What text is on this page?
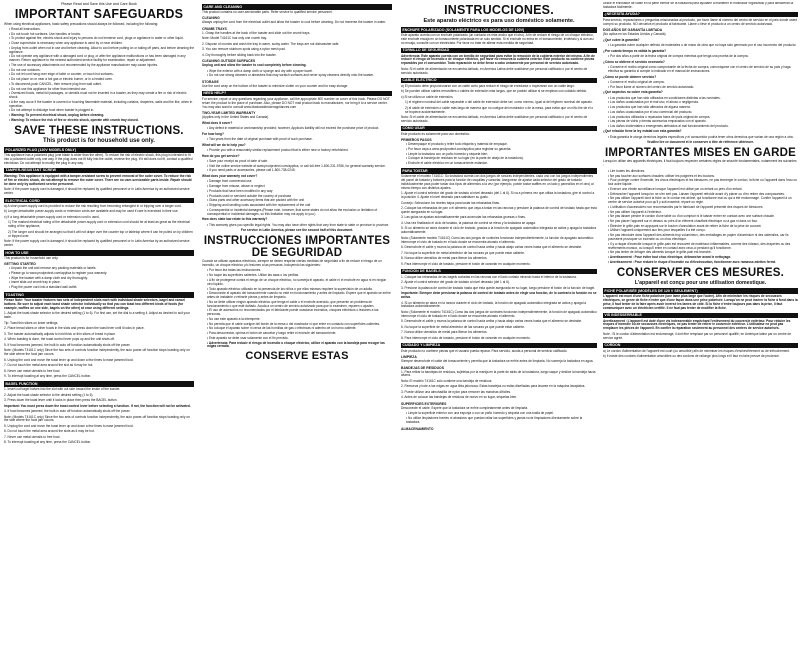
Please Read and Save this Use and Care Book
IMPORTANT SAFEGUARDS

When using electrical appliances, basic safety precautions should always be followed, including the following:

• Read all instructions.
• Do not touch hot surfaces. Use handles or knobs.
• To protect against fire, electric shock and injury to persons do not immerse cord, plugs or appliance in water or other liquid.
• Close supervision is necessary when any appliance is used by or near children.
• Unplug from outlet when not in use and before cleaning. Allow to cool before putting on or taking off parts, and before cleaning the appliance.
• Do not operate any appliance with a damaged cord or plug, or after the appliance malfunctions or has been damaged in any manner. Return appliance to the nearest authorized service facility for examination, repair or adjustment.
• The use of accessory attachments not recommended by the appliance manufacturer may cause injuries.
• Do not use outdoors.
• Do not let cord hang over edge of table or counter, or touch hot surfaces.
• Do not place on or near a hot gas or electric burner, or in a heated oven.
• To disconnect,push CANCEL, then remove plug from wall outlet.
• Do not use this appliance for other than intended use.
• Oversized foods, metal foil packages, or utensils must not be inserted in a toaster, as they may create a fire or risk of electric shock.
• A fire may occur if the toaster is covered or touching flammable material, including curtains, draperies, walls and the like, when in operation.
• Do not attempt to dislodge food when toaster is plugged in.
• Warning: To prevent electrical shock, unplug before cleaning.
• Warning: To reduce the risk of fire or electric shock, operate with crumb tray closed.
SAVE THESE INSTRUCTIONS.
This product is for household use only.
POLARIZED PLUG (120V MODELS ONLY)

This appliance has a polarized plug (one blade is wider than the other). To reduce the risk of electric shock, this plug is intended to fit into a polarized outlet only one way. If the plug does not fit fully into the outlet, reverse the plug. If it still does not fit, contact a qualified electrician. Do not attempt to modify the plug in any way.

TAMPER-RESISTANT SCREW

Warning: This appliance is equipped with a tamper-resistant screw to prevent removal of the outer cover. To reduce the risk of fire or electric shock, do not attempt to remove the outer cover. There are no user-serviceable parts inside. Repair should be done only by authorized service personnel.

Note: If the power supply cord is damaged, it should be replaced by qualified personnel or in Latin America by an authorized service center.

ELECTRICAL CORD

a) A short power-supply cord is provided to reduce the risk resulting from becoming entangled in or tripping over a longer cord.

b) Longer detachable power-supply cords or extension cords are available and may be used if care is exercised in their use.

c) If a long detachable power-supply cord or extension cord is used,

1) The marked electrical rating of the detachable power-supply cord or extension cord should be at least as great as the electrical rating of the appliance,

2) The longer cord should be arranged so that it will not drape over the counter top or tabletop where it can be pulled on by children or tripped over.

Note: If the power supply cord is damaged, it should be replaced by qualified personnel or in Latin America by an authorized service center.

HOW TO USE

This product is for household use only.

GETTING STARTED
• Unpack the unit and remove any packing materials or labels.
• Please go to www.prodprotect.com/applica to register your warranty.
• Wipe the toaster with a damp cloth and dry thoroughly.
• Insert slide-out crumb tray in place.
• Plug the power cord into a standard wall outlet.
TOASTING

Please Note: Your toaster features two sets of independent slots each with individual shade selectors, bagel and cancel buttons. Be sure to adjust each toast shade selector individually so that you can toast two different kinds of foods (for example, waffles on one side, bagels on the other) at once using different settings.

1. Adjust the toast shade selector to the desired setting (1 to 6). For first use, set the dial to a setting 4. Adjust as desired to suit your taste.

Tip: Toast thin slices on lower settings.

2. Place bread slices or other foods in the slots and press down the toast lever until it locks in place.

3. The toaster automatically adjusts to hold thick or thin slices of bread in place.

4. When toasting is done, the toast control lever pops up and the unit shuts off.

5. If food becomes jammed, the built-in auto off function automatically shuts off the power.

Note: (Models T4161C only) Since the two sets of controls function independently, the auto power-off function stops toasting only on the side where the food jam occurs.

6. Unplug the cord and move the toast lever up and down a few times to ease jammed food.

7. Do not touch the metal area around the slot as it may be hot.

8. Never use metal utensils to free food.

9. To interrupt toasting at any time, press the CANCEL button.

BAGEL FUNCTION

1. Insert cut bagel halves into the slot with cut side toward the inside of the toaster.

2. Adjust the toast shade selector to the desired setting (1 to 6).

3. Press down the toast lever until it locks in place then press the BAGEL button.

Important: You must press down the toast control lever before selecting a function. If not, the function will not be activated.

4. If food becomes jammed, the built-in auto off function automatically shuts off the power.

Note: (Models T4161C only) Since the two sets of controls function independently, the auto power-off function stops toasting only on the side where the food jam occurs.

5. Unplug the cord and move the toast lever up and down a few times to ease jammed food.

6. Do not touch the metal area around the slots as it may be hot.

7. Never use metal utensils to free food.

8. To interrupt toasting at any time, press the CANCEL button.

CARE AND CLEANING

This product contains no user-serviceable parts. Refer service to qualified service personnel.

CLEANING

Always unplug the cord from the electrical outlet and allow the toaster to cool before cleaning. Do not immerse the toaster in water.

CRUMB TRAYS

1. Grasp the handles at the back of the toaster and slide out the crumb trays.

Note: Model T4161C has only one crumb tray.

2. Dispose of crumbs and wash the tray in warm, sudsy water. The trays are not dishwasher safe.

3. You can remove stubborn spots using a nylon mesh pad.

4. Dry thoroughly before sliding back into the toaster.

CLEANING OUTSIDE SURFACES

Unplug unit and allow the toaster to cool completely before cleaning.

• Wipe the exterior with a damp cloth or sponge and dry with a paper towel.
• Do not use strong cleaners or abrasives that may scratch surfaces and never spray cleaners directly onto the toaster.
STORAGE

Use the cord wrap on the bottom of the toaster to minimize clutter on your counter and for easy storage.

NEED HELP?

For service, repair or any questions regarding your appliance, call the appropriate 800 number on cover of this book. Please DO NOT return the product to the place of purchase. Also, please DO NOT mail product back to manufacturer, nor bring it to a service center. You may also want to consult www.blackanddeckerappliances.com

TWO-YEAR LIMITED WARRANTY

(Applies only in the United States and Canada)

What does it cover?

• Any defect in material or workmanship provided; however, Applica's liability will not exceed the purchase price of product.

For how long?

• Two years from the date of original purchase with proof of such purchase.

What will we do to help you?

• Provide you with a reasonably similar replacement product that is either new or factory refurbished.

How do you get service?

• Save your receipt as proof of date of sale.
• Visit the online service website at www.prodprotect.com/applica, or call toll-free 1-800-231-9786, for general warranty service.
• If you need parts or accessories, please call 1-800-738-0245.

What does your warranty not cover?

• Damage from commercial use
• Damage from misuse, abuse or neglect
• Products that have been modified in any way
• Products used or serviced outside the country of purchase
• Glass parts and other accessory items that are packed with the unit
• Shipping and handling costs associated with the replacement of the unit
• Consequential or incidental damages (Please note, however, that some states do not allow the exclusion or limitation of consequential or incidental damages, so this limitation may not apply to you.)

How does state law relate to this warranty?

• This warranty gives you specific legal rights. You may also have other rights that vary from state to state or province to province.

For service in Latin America, please see the second half of this document.

INSTRUCCIONES IMPORTANTES DE SEGURIDAD

Cuando se utilizan aparatos eléctricos, siempre se deben respetar ciertas medidas de seguridad a fin de reducir el riesgo de un incendio, un choque eléctrico y/o lesiones a las personas, incluyendo las siguientes:

• Por favor lea todas las instrucciones.
• No toque las superficies calientes. Utilice las asas o los perillas.
• A fin de protegerse contra el riesgo de un choque eléctrico, no sumerja el aparato, el cable ni el enchufe en agua ni en ningún otro líquido.
• Todo aparato eléctrico utilizado en la presencia de los niños o por ellos mismos requiere la supervisión de un adulto.
• Desconecte el aparato del tomacorriente cuando no esté en funcionamiento y antes de limpiarlo. Espere que el aparato se enfríe antes de instalarle o retirarle piezas y antes de limpiarlo.
• No se debe utilizar ningún aparato eléctrico que tenga el cable o el enchufe averiado, que presente un problema de funcionamiento o que esté dañado. Acuda a un centro de servicio autorizado para que lo examinen, reparen o ajusten.
• El uso de accesorios no recomendados por el fabricante puede ocasionar incendios, choques eléctricos o lesiones a las personas.
• No use este aparato a la intemperie.
• No permita que el cable cuelgue del borde de la mesa o del mostrador ni que entre en contacto con superficies calientes.
• No coloque el aparato sobre ni cerca de las hornillas de gas o eléctricas ni adentro de un horno caliente.
• Para desconectar, oprima el botón de cancelar y luego retire el enchufe del tomacorriente.
• Este aparato se debe usar solamente con el fin previsto.
• Advertencia: Para reducir el riesgo de incendio o choque eléctrico, utilice el aparato con la bandeja para recoger las migas cerrada.
CONSERVE ESTAS
INSTRUCCIONES.
Este aparato eléctrico es para uso doméstico solamente.
ENCHUFE POLARIZADO (SOLAMENTE PARA LOS MODELOS DE 120V)

Este aparato cuenta con un enchufe polarizado (un contacto es más ancho que el otro). A fin de reducir el riesgo de un choque eléctrico, este enchufe encaja en un tomacorriente polarizada en un solo sentido. Si el enchufe no entra en el tomacorriente, inviértalo y si aun así no encaja, consulte con un electricista. Por favor no trate de alterar esta medida de seguridad.

TORNILLO DE SEGURIDAD

Advertencia: Este aparato cuenta con un tornillo de seguridad para evitar la remoción de la cubierta exterior del mismo. A fin de reducir el riesgo de incendio o de choque eléctrico, por favor no remueva la cubierta exterior. Este producto no contiene piezas reparables por el consumidor. Toda reparación se debe llevar a cabo únicamente por personal de servicio autorizado.

Nota: Si el cable de alimentación se encuentra dañado, en América Latina debe sustituirse por personal calificado o por el centro de servicio autorizado.

CABLE ELÉCTRICO

a) El producto debe proporcionarse con un cable corto para reducir el riesgo de enredarse o tropezarse con un cable largo.

b) Se pueden utilizar cables removibles o cables de extensión más largos, que se podrán utilizar si se emplean con cuidado debido.

c) Si se utiliza un cable de extensión,

1) el régimen nominal del cable separable o del cable de extensión debe ser, como mínimo, igual al del régimen nominal del aparato.

2) el cable de extensión o cable más largo de manera que no cuelgue del mostrador o de la mesa, para evitar que un niño tire de él o se tropiece accidentalmente.

Nota: Si el cable de alimentación se encuentra dañado, en América Latina debe sustituirse por personal calificado o por el centro de servicio autorizado.

CÓMO USAR

Este producto es solamente para uso doméstico.

PRIMEROS PASOS
• Desempaque el producto y retire todo etiqueta y material de empaque.
• Por favor vaya a www.prodprotect.com/applica para registrar su garantía.
• Limpie la tostadora con un paño húmedo y séquela bien.
• Coloque la bandeja de residuos en su lugar (en la parte de abajo de la tostadora).
• Enchufe el cable eléctrico en un tomacorriente estándar.
PARA TOSTAR

Solamente el modelo T4161C: Su tostadora cuenta con dos juegos de ranuras independientes, cada uno con los juegos independientes del panel de tostado y botones para la función de rosquillas y cancelar. Asegúrese de ajustar cada selector del grado de tostado individualmente para poder tostar dos tipos de alimentos a la vez (por ejemplo, puede tostar waffles en un lado y panecillos en el otro) al mismo tiempo con distintos ajustes.

1. Ajuste el control selector del grado de tostado al nivel deseado (del 1 al 6). Si va a primera vez que utiliza la tostadora, gire el control a la posición 4. Ajuste el nivel deseado para satisfacer su gusto.

Consejo: Seleccione los niveles bajos para tostar las rebanadas finas.

2. Coloque las rebanadas de pan o el alimento que vaya a tostar en las ranuras y presione la palanca de control de tostado hasta que ésta quede asegurada en su lugar.

3. Las guías se ajustan automáticamente para acomodar las rebanadas gruesas o finas.

4. Una vez finalizado el ciclo de tostado, la palanca de control se eleva y la tostadora se apaga.

5. Si un alimento se atora durante el ciclo de tostado, gracias a la función de apagado automático integrada se activa y apaga la tostadora automáticamente.

Nota: (Solamente modelo T4161C) Como las dos juegos de controles funcionan independientemente, la función de apagado automático interrumpe el ciclo de tostado en el lado donde se encuentra atorado el alimento.

6. Desenchufe el cable y mueva la palanca de control hacia arriba y hacia abajo varias veces hasta que el alimento se destrabe.

7. No toque la superficie de metal alrededor de las ranuras ya que puede estar caliente.

8. Nunca utilice utensilios de metal para liberar los alimentos.

9. Para interrumpir el ciclo de tostado, presione el botón de cancelar en cualquier momento.

FUNCIÓN DE BAGELS

1. Coloque las rebanadas de las bagels cortadas en las ranuras con el lado cortado mirando hacia el interior de la tostadora.

2. Ajuste el control selector del grado de tostado al nivel deseado (del 1 al 6).

3. Presione la palanca de control de tostado hasta que ésta quede asegurada en su lugar, luego presione el botón de la función de bagel.

Importante: Siempre debe presionar la palanca de control de tostado antes de elegir una función, de lo contrario la función no se activa.

4. Si un alimento se atora en la ranura durante el ciclo de tostado, la función de apagado automático integrada se activa y apaga la tostadora automáticamente.

Nota: (Solamente el modelo T4161C) Como las dos juegos de controles funcionan independientemente, la función de apagado automático interrumpe el ciclo de tostado en el lado donde se encuentra atorado el alimento.

5. Desenchufe el cable y mueva la palanca de control hacia arriba y hacia abajo varias veces hasta que el alimento se destrabe.

6. No toque la superficie de metal alrededor de las ranuras ya que puede estar caliente.

7. Nunca utilice utensilios de metal para liberar los alimentos.

8. Para interrumpir el ciclo de tostado, presione el botón de cancelar en cualquier momento.

CUIDADO Y LIMPIEZA

Este producto no contiene piezas que el usuario pueda reparar. Para servicio, acuda a personal de servicio calificado.

LIMPIEZA

Siempre desenchufe el cable del tomacorriente y permita que la tostadora se enfríe antes de limpiarla. No sumerja la tostadora en agua.

BANDEJAS DE RESIDUOS

1. Para retirar la bandejas de residuos, sujételas por la manija en la parte de atrás de la tostadora, luego saque y deslice la bandeja hacia afuera.

Nota: El modelo T4161C sólo contiene una bandeja de residuos.

2. Remueva y bote a las migas en agua tibia jabonosa. Estas bandejas no están diseñadas para lavarse en la máquina lavaplatos.

3. Puede utilizar una almohadilla de nylon para remover las manchas difíciles.

4. Antes de colocar las bandejas de residuos de nuevo en su lugar, séquelas bien.

SUPERFICIES EXTERIORES

Desconecte el cable. Espere que la tostadora se enfríe completamente antes de limpiarla.

• Limpie la superficie exterior con una esponja o con un paño húmedo y séquela con una toalla de papel.
• No utilice limpiadores fuertes ni abrasivos que puedan rallar las superficies y jamás rocíe limpiadores directamente sobre la tostadora.
ALMACENAMIENTO

Utilice el enrollador de cable en la parte inferior de la tostadora para ayudarle a mantener el mostrador organizado y para almacenar la tostadora fácilmente.

¿NECESITA AYUDA?

Para servicio, reparaciones o preguntas relacionadas al producto, por favor llame al número del centro de servicio en el país donde usted compró su producto. NO devuelva el producto al fabricante. Llame o lleve el producto a un centro de servicio autorizado.

DOS AÑOS DE GARANTÍA LIMITADA

(No aplica en los Estados Unidos y Canadá)

¿Qué cubre la garantía?

• La garantía cubre cualquier defecto de materiales o de mano de obra que no haya sido generado por el uso incorrecto del producto.

¿Por cuánto tiempo es válida la garantía?

• Por dos años a partir de la fecha original de compra mientras que tenga una prueba de la compra.

¿Cómo se obtiene el servicio necesario?

• Conserve el recibo original como comprobante de la fecha de compra, comuníquese con el centro de servicio de su país y haga efectiva su garantía si cumple lo indicado en el manual de instrucciones.

¿Cómo se puede obtener servicio?

• Conserve el recibo original de compra.
• Por favor llame al número del centro de servicio autorizado.

¿Qué aspectos no cubre esta garantía?

• Los productos que han sido utilizados en condiciones distintas a las normales.
• Los daños ocasionados por el mal uso, el abuso o negligencia.
• Los productos que han sido alterados de alguna manera.
• Los daños ocasionados por el uso comercial del producto.
• Los productos utilizados o reparados fuera del país original de compra.
• Las piezas de vidrio y demás accesorios empacados con el aparato.
• Los daños incidentales o emergentes atribuidos al mal funcionamiento del producto.

¿Qué relación tiene la ley estatal con esta garantía?

• Esta garantía le otorga derechos legales específicos y el consumidor podría tener otros derechos que varían de una región a otra.

Veuillez lire ce document et le conserver à titre de référence ultérieure.

IMPORTANTES MISES EN GARDE

Lorsqu'on utilise des appareils électriques, il faut toujours respecter certaines règles de sécurité fondamentales, notamment les suivantes :

• Lire toutes les directives.
• Ne pas toucher aux surfaces chaudes; utiliser les poignées et les boutons.
• Pour protéger contre l'incendie, les chocs électriques et les blessures, ne pas immerger le cordon, la fiche ou l'appareil dans l'eau ou tout autre liquide.
• Exercer une étroite surveillance lorsque l'appareil est utilisé par un enfant ou près d'un enfant.
• Débrancher l'appareil lorsqu'on ne s'en sert pas. Laisser l'appareil refroidir avant d'y placer ou d'en retirer des composantes.
• Ne pas utiliser l'appareil dont la fiche ou le cordon est abîmé, qui fonctionne mal ou qui a été endommagé. Confier l'appareil à un centre de service autorisé pour qu'il y soit examiné, réparé ou réglé.
• L'utilisation d'accessoires non recommandés par le fabricant de l'appareil présente des risques de blessures.
• Ne pas utiliser l'appareil à l'extérieur.
• Ne pas laisser pendre le cordon d'une table ou d'un comptoir ni le laisser entrer en contact avec une surface chaude.
• Ne pas placer l'appareil sur ni dessus ou près d'un élément chauffant électrique ou à gaz ni dans un four.
• Éteindre le grille-pain en appuyant sur le bouton d'annulation avant de retirer la fiche de la prise de courant.
• Utiliser l'appareil uniquement aux fins pour lesquelles il a été conçu.
• Ne pas introduire dans l'appareil des aliments trop volumineux, des emballages en papier d'aluminium ni des ustensiles, car ils pourraient provoquer un incendie ou un choc électrique.
• Il y a risque d'incendie lorsque le grille-pain est recouvert de matériaux inflammables, comme des rideaux, des draperies ou des revêtements muraux, ou lorsqu'il entre en contact avec ceux-ci pendant qu'il fonctionne.
• Ne pas tenter de déloger des aliments lorsque le grille-pain est branché.
• Avertissement : Pour éviter tout choc électrique, débrancher avant le nettoyage.
• Avertissement : Pour réduire le risque d'incendie ou d'électrocution, fonctionner avec ramasse-miettes fermé.
CONSERVER CES MESURES.
L'appareil est conçu pour une utilisation domestique.
FICHE POLARISÉE (MODÈLES DE 120 V SEULEMENT)

L'appareil est muni d'une fiche polarisée (une lame plus large que l'autre). Afin de minimiser les risques de secousses électriques, ce genre de fiche n'entre que d'une façon dans une prise polarisée. Lorsqu'on ne peut insérer la fiche à fond dans la prise, il faut tenter de la faire après avoir inversé les lames de côté. Si la fiche n'entre toujours pas dans la prise, il faut communiquer avec un électricien certifié. Il ne faut pas tenter de modifier la fiche.

VIS INDESSERRABLE

Avertissement : L'appareil est doté d'une vis indesserrable empêchant l'enlèvement du couvercle extérieur. Pour réduire les risques d'incendie ou de secousses électriques, ne pas tenter de retirer le couvercle extérieur. L'utilisateur ne peut pas remplacer les pièces de l'appareil. En confier la réparation seulement au personnel des centres de service autorisés.

Note : Si le cordon d'alimentation est endommagé, il doit être remplacé par un personnel qualifié; en Amérique latine par un centre de service agréé.

CORDON

a) Le cordon d'alimentation de l'appareil est court (ou amovible) afin de minimiser les risques d'enchevêtrement ou de trébuchement.

b) Il existe des cordons d'alimentation amovibles ou des cordons de rallonge plus longs et il faut en faire preuve de prudence.
